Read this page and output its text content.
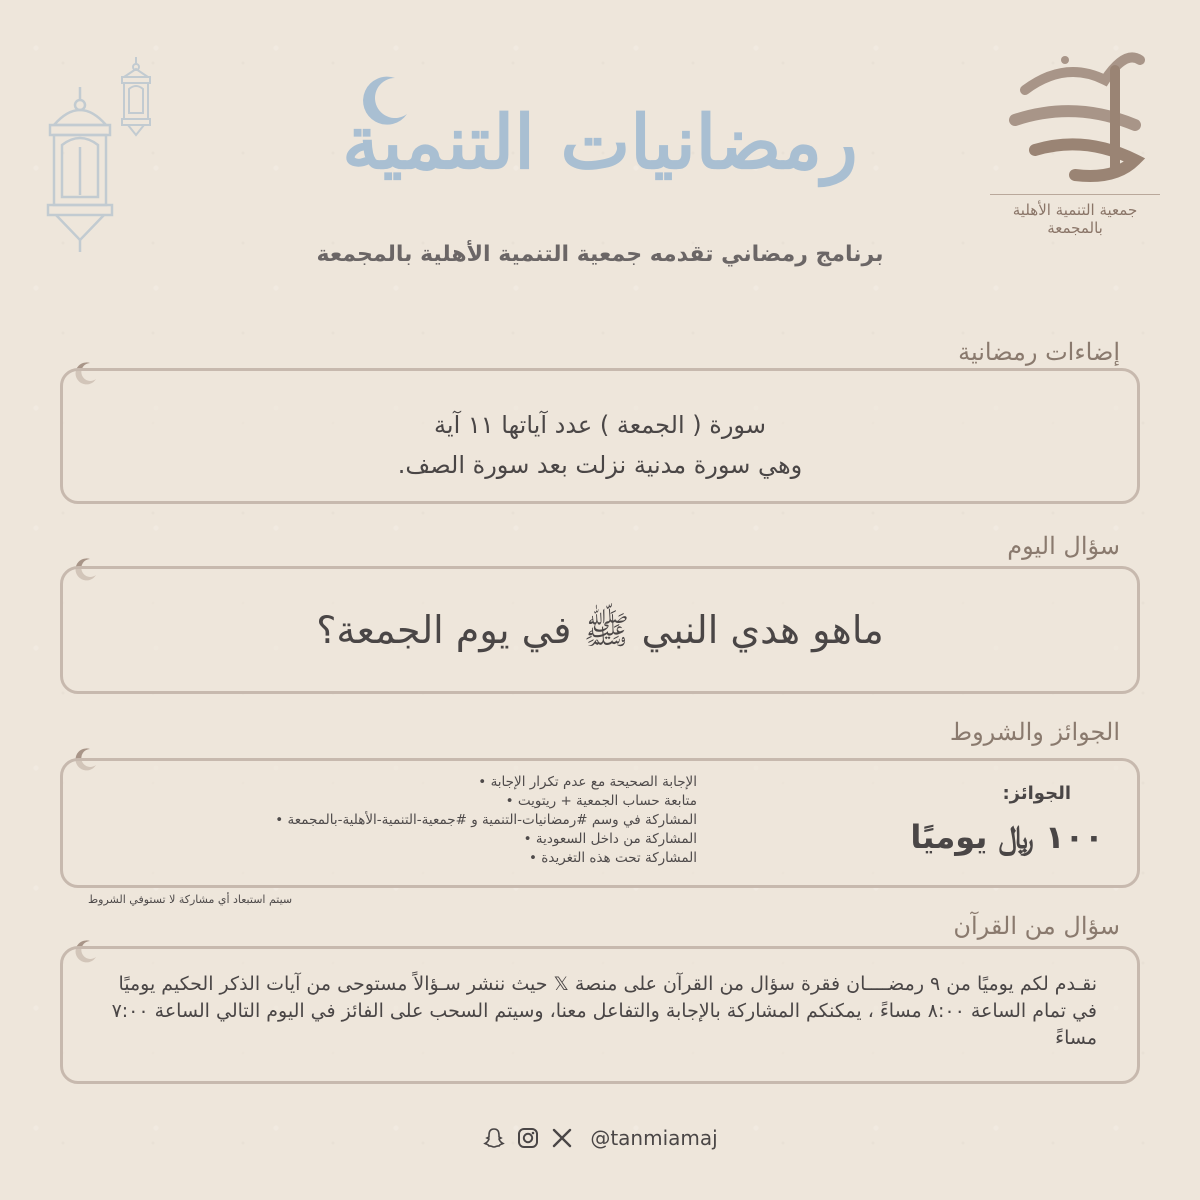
جمعية التنمية الأهلية بالمجمعة
رمضانيات التنمية
برنامج رمضاني تقدمه جمعية التنمية الأهلية بالمجمعة
إضاءات رمضانية
سورة ( الجمعة ) عدد آياتها ١١ آية
وهي سورة مدنية نزلت بعد سورة الصف.
سؤال اليوم
ماهو هدي النبي ﷺ في يوم الجمعة؟
الجوائز والشروط
الجوائز:
١٠٠ ﷼ يوميًا
الإجابة الصحيحة مع عدم تكرار الإجابة •
متابعة حساب الجمعية + ريتويت •
المشاركة في وسم #رمضانيات-التنمية و #جمعية-التنمية-الأهلية-بالمجمعة •
المشاركة من داخل السعودية •
المشاركة تحت هذه التغريدة •
سيتم استبعاد أي مشاركة لا تستوفي الشروط
سؤال من القرآن
نقـدم لكم يوميًا من ٩ رمضــــان فقرة سؤال من القرآن على منصة 𝕏 حيث ننشر سـؤالاً مستوحى من آيات الذكر الحكيم يوميًا في تمام الساعة ٨:٠٠ مساءً ، يمكنكم المشاركة بالإجابة والتفاعل معنا، وسيتم السحب على الفائز في اليوم التالي الساعة ٧:٠٠ مساءً
@tanmiamaj
